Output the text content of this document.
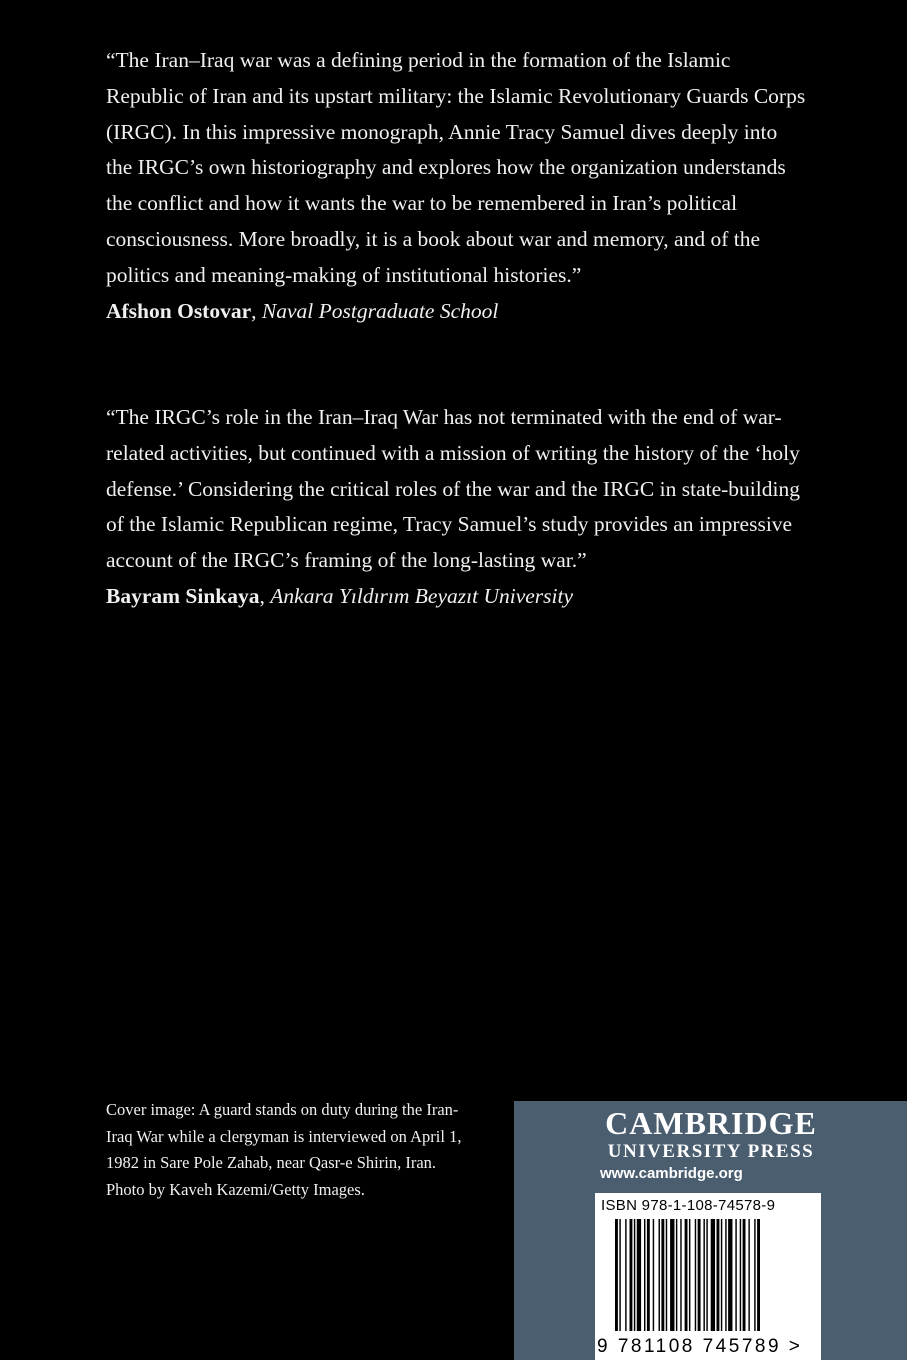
“The Iran–Iraq war was a defining period in the formation of the Islamic Republic of Iran and its upstart military: the Islamic Revolutionary Guards Corps (IRGC). In this impressive monograph, Annie Tracy Samuel dives deeply into the IRGC’s own historiography and explores how the organization understands the conflict and how it wants the war to be remembered in Iran’s political consciousness. More broadly, it is a book about war and memory, and of the politics and meaning-making of institutional histories.”
Afshon Ostovar, Naval Postgraduate School
“The IRGC’s role in the Iran–Iraq War has not terminated with the end of war-related activities, but continued with a mission of writing the history of the ‘holy defense.’ Considering the critical roles of the war and the IRGC in state-building of the Islamic Republican regime, Tracy Samuel’s study provides an impressive account of the IRGC’s framing of the long-lasting war.”
Bayram Sinkaya, Ankara Yıldırım Beyazıt University

Cover image: A guard stands on duty during the Iran-Iraq War while a clergyman is interviewed on April 1, 1982 in Sare Pole Zahab, near Qasr-e Shirin, Iran. Photo by Kaveh Kazemi/Getty Images.

CAMBRIDGE
UNIVERSITY PRESS
www.cambridge.org
ISBN 978-1-108-74578-9
9 781108 745789 >
